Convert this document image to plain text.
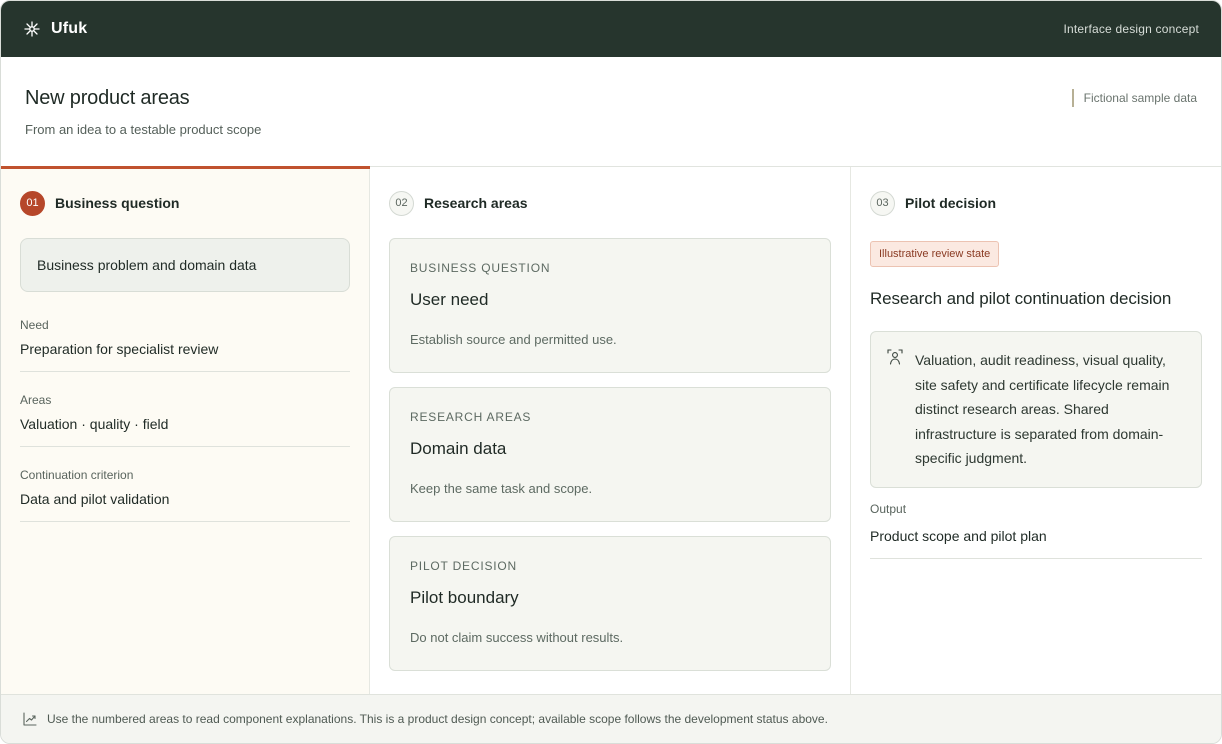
Ufuk	Interface design concept
New product areas
From an idea to a testable product scope
Fictional sample data
01	Business question
Business problem and domain data
Need
Preparation for specialist review
Areas
Valuation · quality · field
Continuation criterion
Data and pilot validation
02	Research areas
BUSINESS QUESTION
User need
Establish source and permitted use.
RESEARCH AREAS
Domain data
Keep the same task and scope.
PILOT DECISION
Pilot boundary
Do not claim success without results.
03	Pilot decision
Illustrative review state
Research and pilot continuation decision
Valuation, audit readiness, visual quality, site safety and certificate lifecycle remain distinct research areas. Shared infrastructure is separated from domain-specific judgment.
Output
Product scope and pilot plan
Use the numbered areas to read component explanations. This is a product design concept; available scope follows the development status above.
